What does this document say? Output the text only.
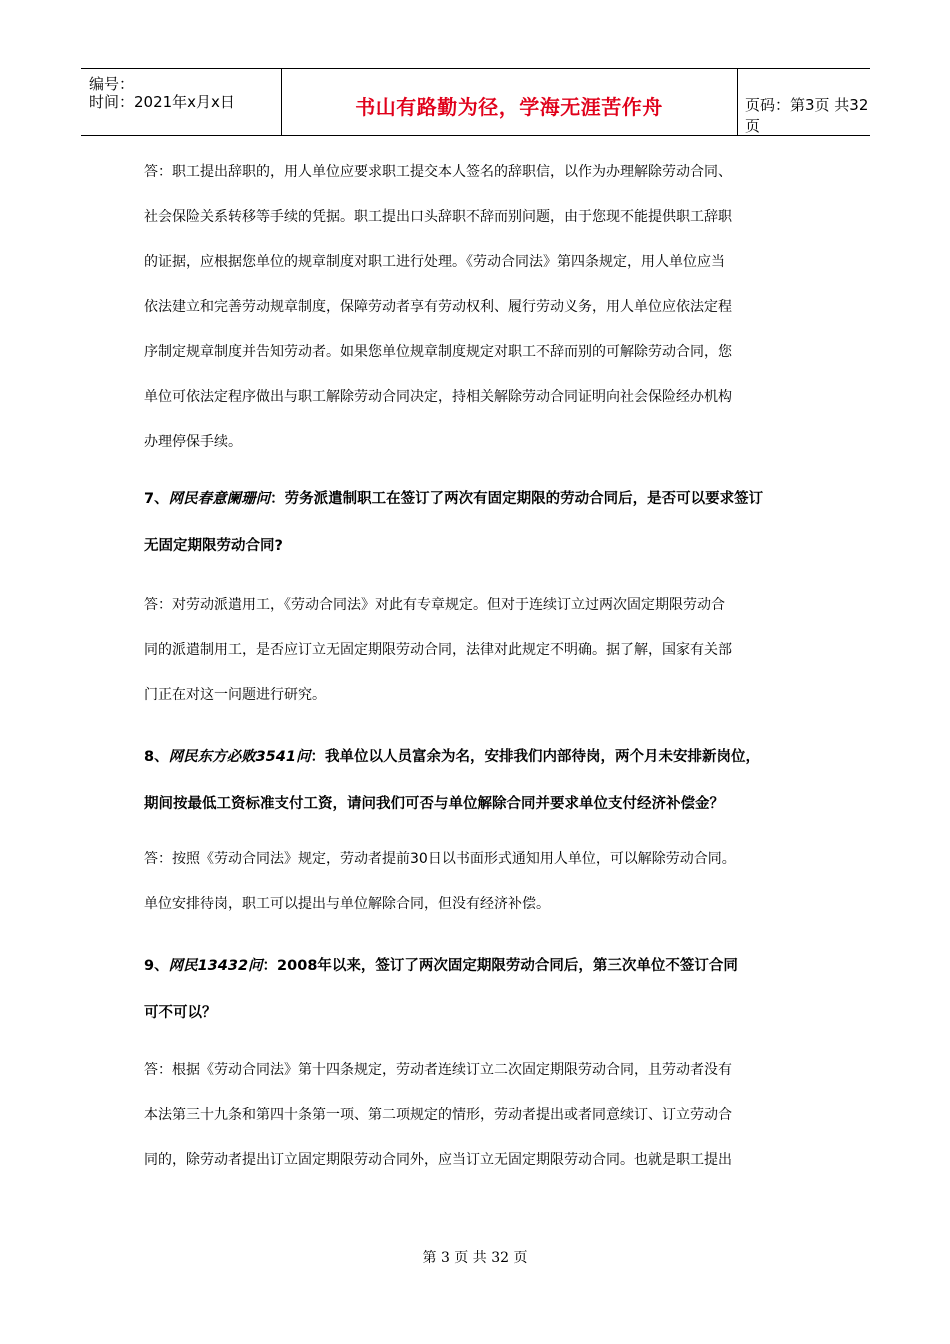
编号：
时间：2021年x月x日	书山有路勤为径，学海无涯苦作舟	页码：第3页 共32页

答：职工提出辞职的，用人单位应要求职工提交本人签名的辞职信，以作为办理解除劳动合同、

社会保险关系转移等手续的凭据。职工提出口头辞职不辞而别问题，由于您现不能提供职工辞职

的证据，应根据您单位的规章制度对职工进行处理。《劳动合同法》第四条规定，用人单位应当

依法建立和完善劳动规章制度，保障劳动者享有劳动权利、履行劳动义务，用人单位应依法定程

序制定规章制度并告知劳动者。如果您单位规章制度规定对职工不辞而别的可解除劳动合同，您

单位可依法定程序做出与职工解除劳动合同决定，持相关解除劳动合同证明向社会保险经办机构

办理停保手续。

7、网民春意阑珊问：劳务派遣制职工在签订了两次有固定期限的劳动合同后，是否可以要求签订

无固定期限劳动合同?

答：对劳动派遣用工，《劳动合同法》对此有专章规定。但对于连续订立过两次固定期限劳动合

同的派遣制用工，是否应订立无固定期限劳动合同，法律对此规定不明确。据了解，国家有关部

门正在对这一问题进行研究。

8、网民东方必败3541问：我单位以人员富余为名，安排我们内部待岗，两个月未安排新岗位，

期间按最低工资标准支付工资，请问我们可否与单位解除合同并要求单位支付经济补偿金？

答：按照《劳动合同法》规定，劳动者提前30日以书面形式通知用人单位，可以解除劳动合同。

单位安排待岗，职工可以提出与单位解除合同，但没有经济补偿。

9、网民13432问：2008年以来，签订了两次固定期限劳动合同后，第三次单位不签订合同

可不可以？

答：根据《劳动合同法》第十四条规定，劳动者连续订立二次固定期限劳动合同，且劳动者没有

本法第三十九条和第四十条第一项、第二项规定的情形，劳动者提出或者同意续订、订立劳动合

同的，除劳动者提出订立固定期限劳动合同外，应当订立无固定期限劳动合同。也就是职工提出

第 3 页 共 32 页
